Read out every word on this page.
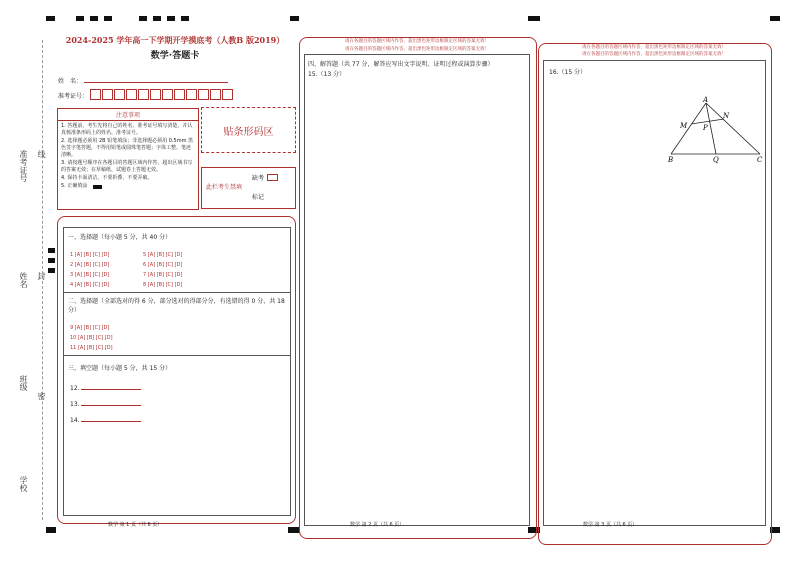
准考证号 线
姓名 封
班级
密
学校
2024-2025 学年高一下学期开学摸底考（人教B 版2019）
数学·答题卡
姓　名：
准考证号：
注意事项
1. 答题前，考生先将自己的姓名、准考证号填写清楚，并认真核准条形码上的姓名、准考证号。
2. 选择题必须用 2B 铅笔填涂；非选择题必须用 0.5mm 黑色签字笔答题，不得用铅笔或圆珠笔答题；字体工整、笔迹清晰。
3. 请按题号顺序在各题目的答题区域内作答，超出区域书写的答案无效；在草稿纸、试题卷上答题无效。
4. 保持卡面清洁，不要折叠、不要弄破。
5. 正确填涂
贴条形码区
缺考
此栏考生禁填
标记
一、选择题（每小题 5 分，共 40 分）
1 [A] [B] [C] [D]
2 [A] [B] [C] [D]
3 [A] [B] [C] [D]
4 [A] [B] [C] [D]
5 [A] [B] [C] [D]
6 [A] [B] [C] [D]
7 [A] [B] [C] [D]
8 [A] [B] [C] [D]
二、选择题（全部选对的得 6 分，部分选对的得部分分，有选错的得 0 分，共 18 分）
9 [A] [B] [C] [D]
10 [A] [B] [C] [D]
11 [A] [B] [C] [D]
三、填空题（每小题 5 分，共 15 分）
12.
13.
14.
数学 第 1 页（共 6 页）
请在各题目的答题区域内作答，超出黑色矩形边框限定区域的答案无效！
请在各题目的答题区域内作答，超出黑色矩形边框限定区域的答案无效！
四、解答题（共 77 分，解答应写出文字说明、证明过程或演算步骤）
15.（13 分）
数学 第 2 页（共 6 页）
请在各题目的答题区域内作答，超出黑色矩形边框限定区域的答案无效！
请在各题目的答题区域内作答，超出黑色矩形边框限定区域的答案无效！
16.（15 分）
A
M
N
P
B	Q	C
数学 第 3 页（共 6 页）
